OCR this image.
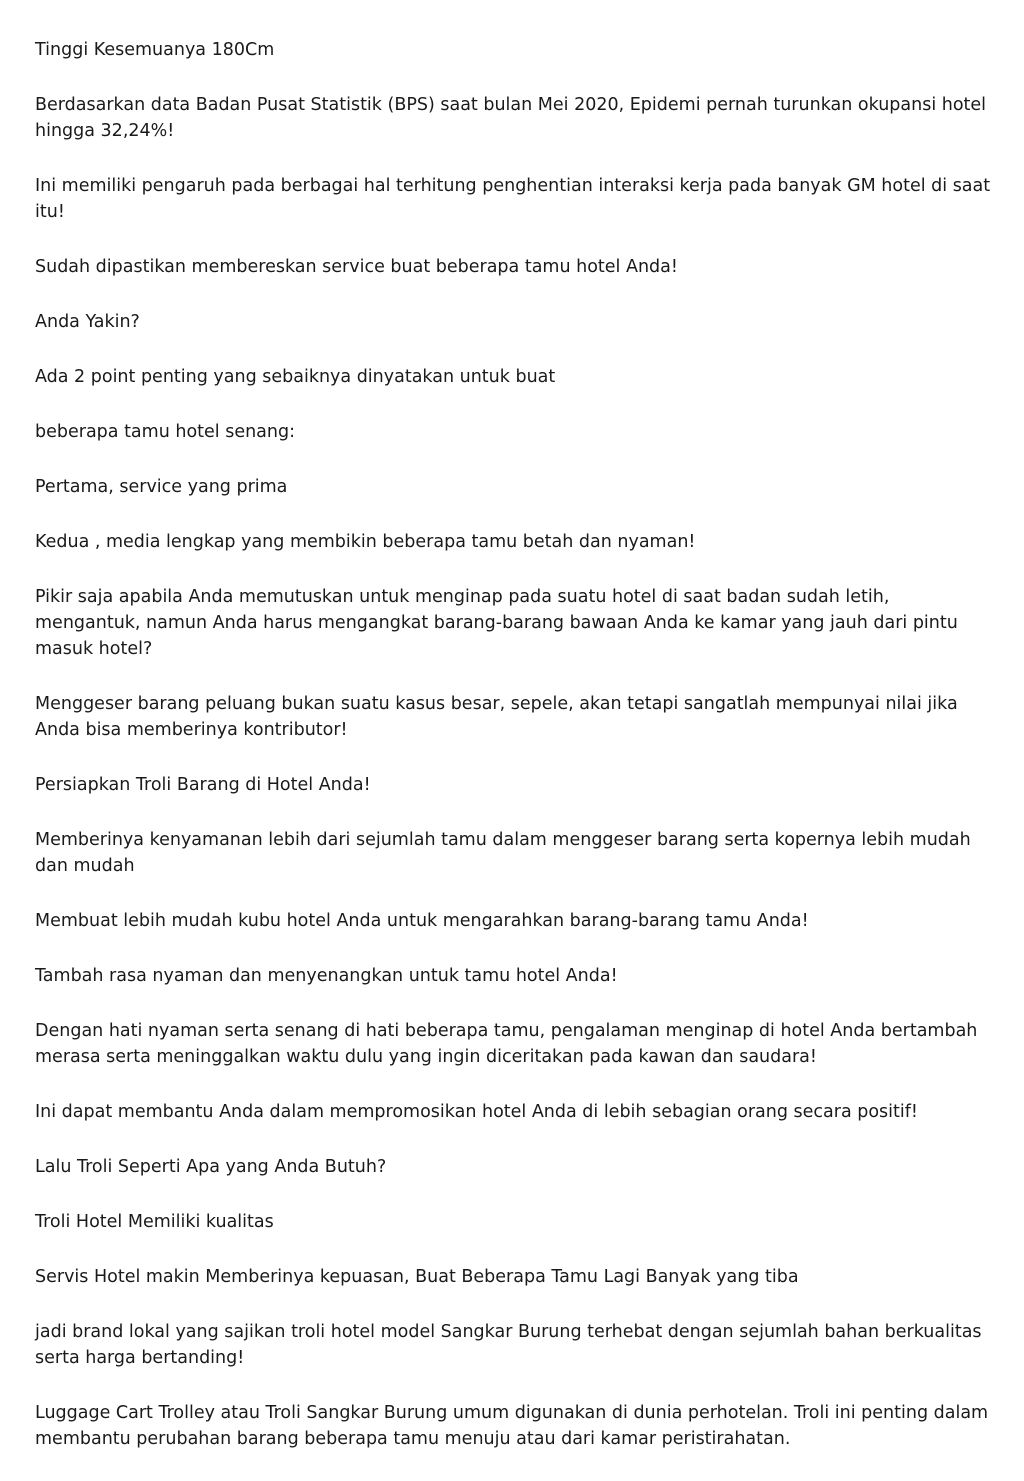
Tinggi Kesemuanya 180Cm

Berdasarkan data Badan Pusat Statistik (BPS) saat bulan Mei 2020, Epidemi pernah turunkan okupansi hotel hingga 32,24%!

Ini memiliki pengaruh pada berbagai hal terhitung penghentian interaksi kerja pada banyak GM hotel di saat itu!

Sudah dipastikan membereskan service buat beberapa tamu hotel Anda!

Anda Yakin?

Ada 2 point penting yang sebaiknya dinyatakan untuk buat

beberapa tamu hotel senang:

Pertama, service yang prima

Kedua , media lengkap yang membikin beberapa tamu betah dan nyaman!

Pikir saja apabila Anda memutuskan untuk menginap pada suatu hotel di saat badan sudah letih, mengantuk, namun Anda harus mengangkat barang-barang bawaan Anda ke kamar yang jauh dari pintu masuk hotel?

Menggeser barang peluang bukan suatu kasus besar, sepele, akan tetapi sangatlah mempunyai nilai jika Anda bisa memberinya kontributor!

Persiapkan Troli Barang di Hotel Anda!

Memberinya kenyamanan lebih dari sejumlah tamu dalam menggeser barang serta kopernya lebih mudah dan mudah

Membuat lebih mudah kubu hotel Anda untuk mengarahkan barang-barang tamu Anda!

Tambah rasa nyaman dan menyenangkan untuk tamu hotel Anda!

Dengan hati nyaman serta senang di hati beberapa tamu, pengalaman menginap di hotel Anda bertambah merasa serta meninggalkan waktu dulu yang ingin diceritakan pada kawan dan saudara!

Ini dapat membantu Anda dalam mempromosikan hotel Anda di lebih sebagian orang secara positif!

Lalu Troli Seperti Apa yang Anda Butuh?

Troli Hotel Memiliki kualitas

Servis Hotel makin Memberinya kepuasan, Buat Beberapa Tamu Lagi Banyak yang tiba

jadi brand lokal yang sajikan troli hotel model Sangkar Burung terhebat dengan sejumlah bahan berkualitas serta harga bertanding!

Luggage Cart Trolley atau Troli Sangkar Burung umum digunakan di dunia perhotelan. Troli ini penting dalam membantu perubahan barang beberapa tamu menuju atau dari kamar peristirahatan.
